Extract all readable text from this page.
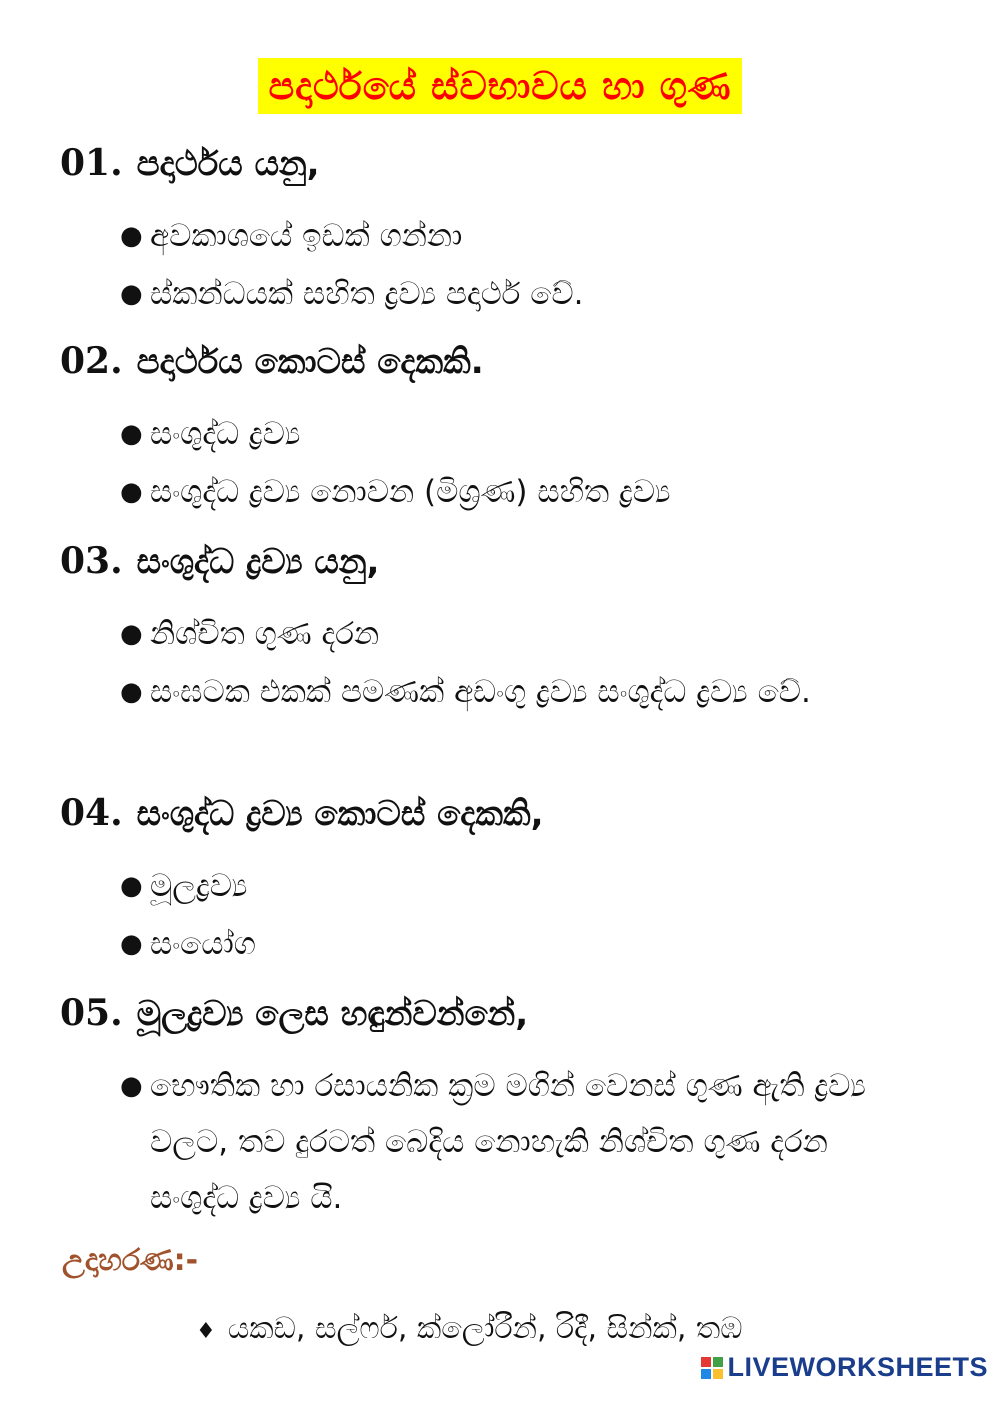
පදාර්ථයේ ස්වභාවය හා ගුණ
01. පදාර්ථය යනු,
● අවකාශයේ ඉඩක් ගන්නා
● ස්කන්ධයක් සහිත ද්‍රව්‍ය පදාර්ථ වේ.
02. පදාර්ථය කොටස් දෙකකි.
● සංශුද්ධ ද්‍රව්‍ය
● සංශුද්ධ ද්‍රව්‍ය නොවන (මිශ්‍රණ) සහිත ද්‍රව්‍ය
03. සංශුද්ධ ද්‍රව්‍ය යනු,
● නිශ්චිත ගුණ දරන
● සංඝටක එකක් පමණක් අඩංගු ද්‍රව්‍ය සංශුද්ධ ද්‍රව්‍ය වේ.
04. සංශුද්ධ ද්‍රව්‍ය කොටස් දෙකකි,
● මූලද්‍රව්‍ය
● සංයෝග
05. මූලද්‍රව්‍ය ලෙස හඳුන්වන්නේ,
● භෞතික හා රසායනික ක්‍රම මගින් වෙනස් ගුණ ඇති ද්‍රව්‍ය වලට, තව දුරටත් බෙදිය නොහැකි නිශ්චිත ගුණ දරන සංශුද්ධ ද්‍රව්‍ය යි.
උදාහරණ:-
♦ යකඩ, සල්ෆර්, ක්ලෝරීන්, රිදී, සින්ක්, තඹ
LIVEWORKSHEETS
